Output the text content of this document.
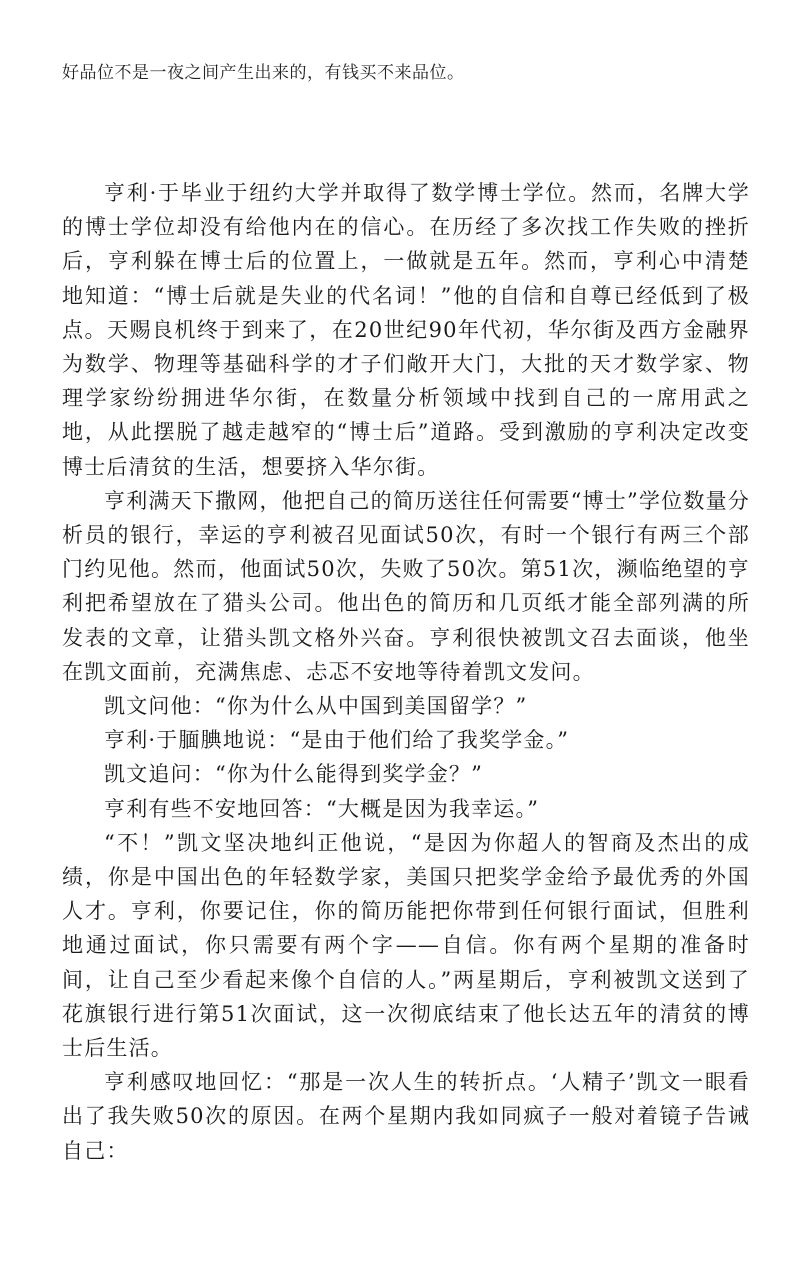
好品位不是一夜之间产生出来的，有钱买不来品位。

亨利·于毕业于纽约大学并取得了数学博士学位。然而，名牌大学的博士学位却没有给他内在的信心。在历经了多次找工作失败的挫折后，亨利躲在博士后的位置上，一做就是五年。然而，亨利心中清楚地知道：“博士后就是失业的代名词！”他的自信和自尊已经低到了极点。天赐良机终于到来了，在20世纪90年代初，华尔街及西方金融界为数学、物理等基础科学的才子们敞开大门，大批的天才数学家、物理学家纷纷拥进华尔街，在数量分析领域中找到自己的一席用武之地，从此摆脱了越走越窄的“博士后”道路。受到激励的亨利决定改变博士后清贫的生活，想要挤入华尔街。

亨利满天下撒网，他把自己的简历送往任何需要“博士”学位数量分析员的银行，幸运的亨利被召见面试50次，有时一个银行有两三个部门约见他。然而，他面试50次，失败了50次。第51次，濒临绝望的亨利把希望放在了猎头公司。他出色的简历和几页纸才能全部列满的所发表的文章，让猎头凯文格外兴奋。亨利很快被凯文召去面谈，他坐在凯文面前，充满焦虑、忐忑不安地等待着凯文发问。

凯文问他：“你为什么从中国到美国留学？”

亨利·于腼腆地说：“是由于他们给了我奖学金。”

凯文追问：“你为什么能得到奖学金？”

亨利有些不安地回答：“大概是因为我幸运。”

“不！”凯文坚决地纠正他说，“是因为你超人的智商及杰出的成绩，你是中国出色的年轻数学家，美国只把奖学金给予最优秀的外国人才。亨利，你要记住，你的简历能把你带到任何银行面试，但胜利地通过面试，你只需要有两个字——自信。你有两个星期的准备时间，让自己至少看起来像个自信的人。”两星期后，亨利被凯文送到了花旗银行进行第51次面试，这一次彻底结束了他长达五年的清贫的博士后生活。

亨利感叹地回忆：“那是一次人生的转折点。‘人精子’凯文一眼看出了我失败50次的原因。在两个星期内我如同疯子一般对着镜子告诫自己：
